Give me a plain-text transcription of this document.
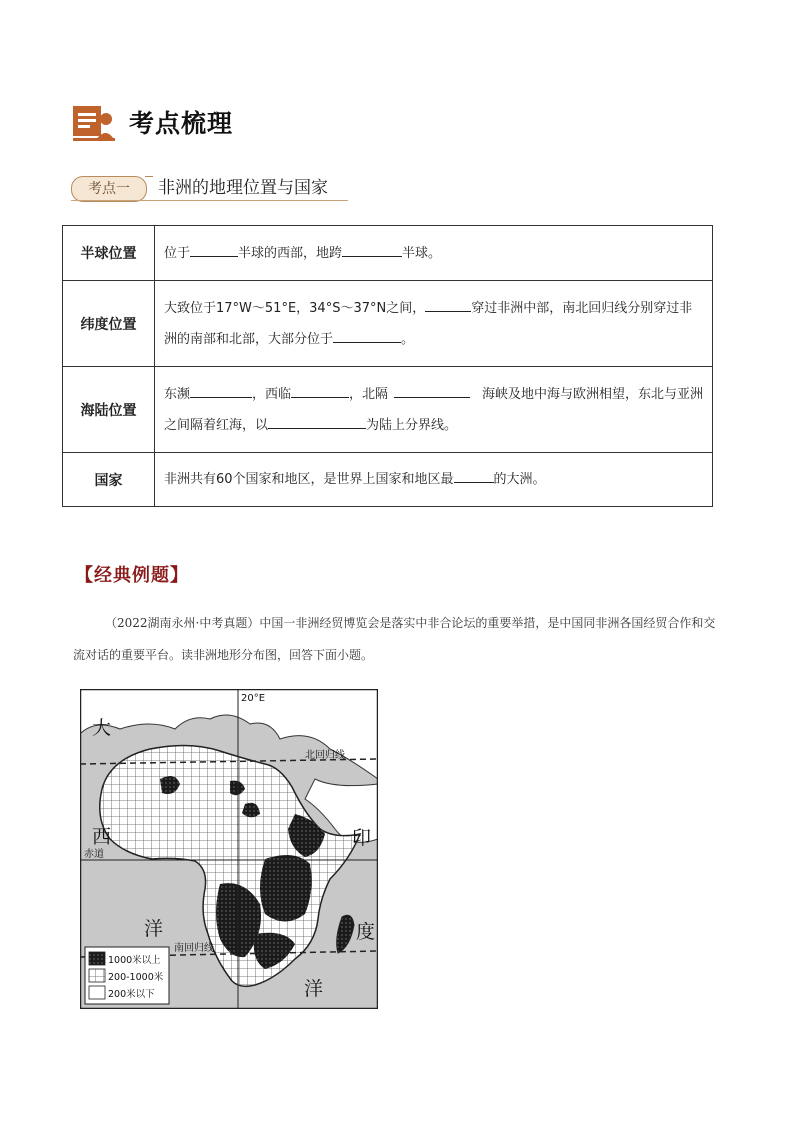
考点梳理
考点一	非洲的地理位置与国家
半球位置	位于 半球的西部，地跨 半球。
纬度位置	大致位于17°W～51°E，34°S～37°N之间， 穿过非洲中部，南北回归线分别穿过非洲的南部和北部，大部分位于 。
海陆位置	东濒 ，西临 ，北隔 海峡及地中海与欧洲相望，东北与亚洲之间隔着红海，以 为陆上分界线。
国家	非洲共有60个国家和地区，是世界上国家和地区最 的大洲。
【经典例题】
（2022湖南永州·中考真题）中国一非洲经贸博览会是落实中非合论坛的重要举措，是中国同非洲各国经贸合作和交流对话的重要平台。读非洲地形分布图，回答下面小题。
20°E
北回归线
赤道
南回归线
大
西
洋
印
度
洋
1000米以上
200-1000米
200米以下
